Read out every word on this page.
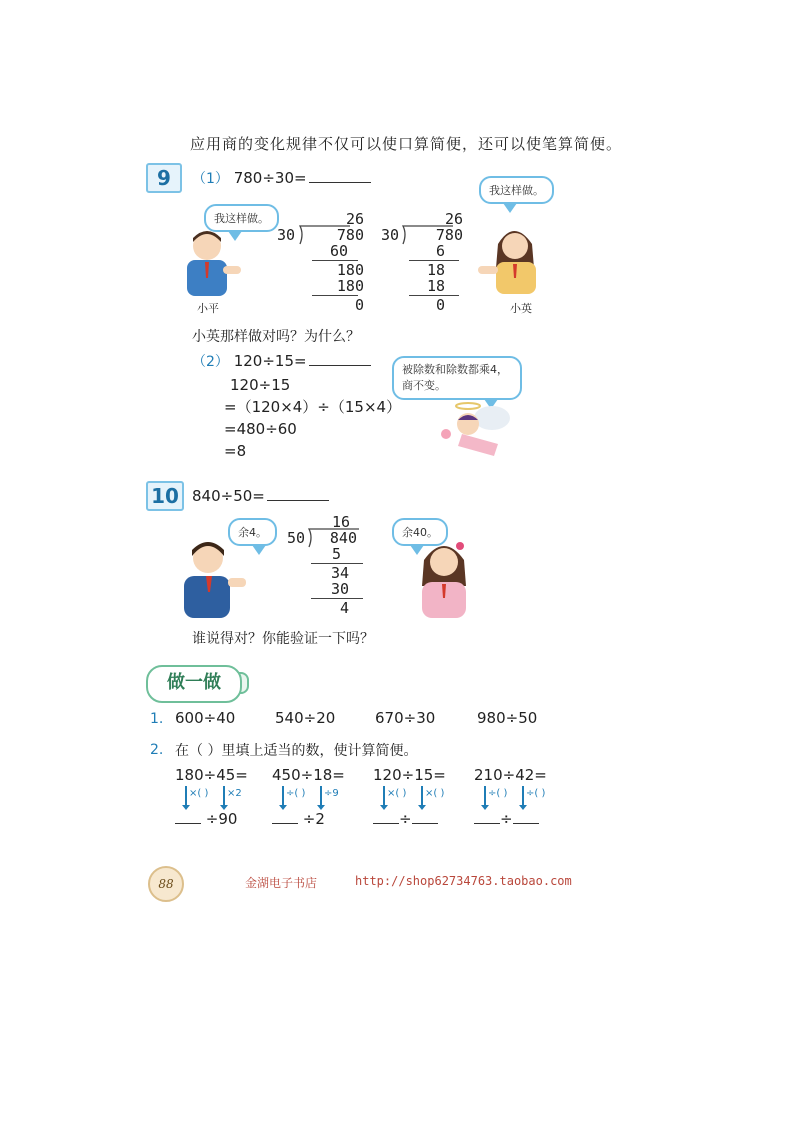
应用商的变化规律不仅可以使口算简便，还可以使笔算简便。
9	（1） 780÷30=
我这样做。
小平
26
30	780
60
180
180
0
26
30	780
6
18
18
0
我这样做。
小英
小英那样做对吗？为什么？
（2） 120÷15=
120÷15
=（120×4）÷（15×4）
=480÷60
=8
被除数和除数都乘4，商不变。
10 840÷50=
余4。
16
50	840
5
34
30
4
余40。
谁说得对？你能验证一下吗？
做一做
1. 600÷40	540÷20	670÷30	980÷50
2. 在（ ）里填上适当的数，使计算简便。
180÷45=
×( ) ×2
÷90
450÷18=
÷( ) ÷9
÷2
120÷15=
×( ) ×( )
÷
210÷42=
÷( ) ÷( )
÷
88	金湖电子书店	http://shop62734763.taobao.com
